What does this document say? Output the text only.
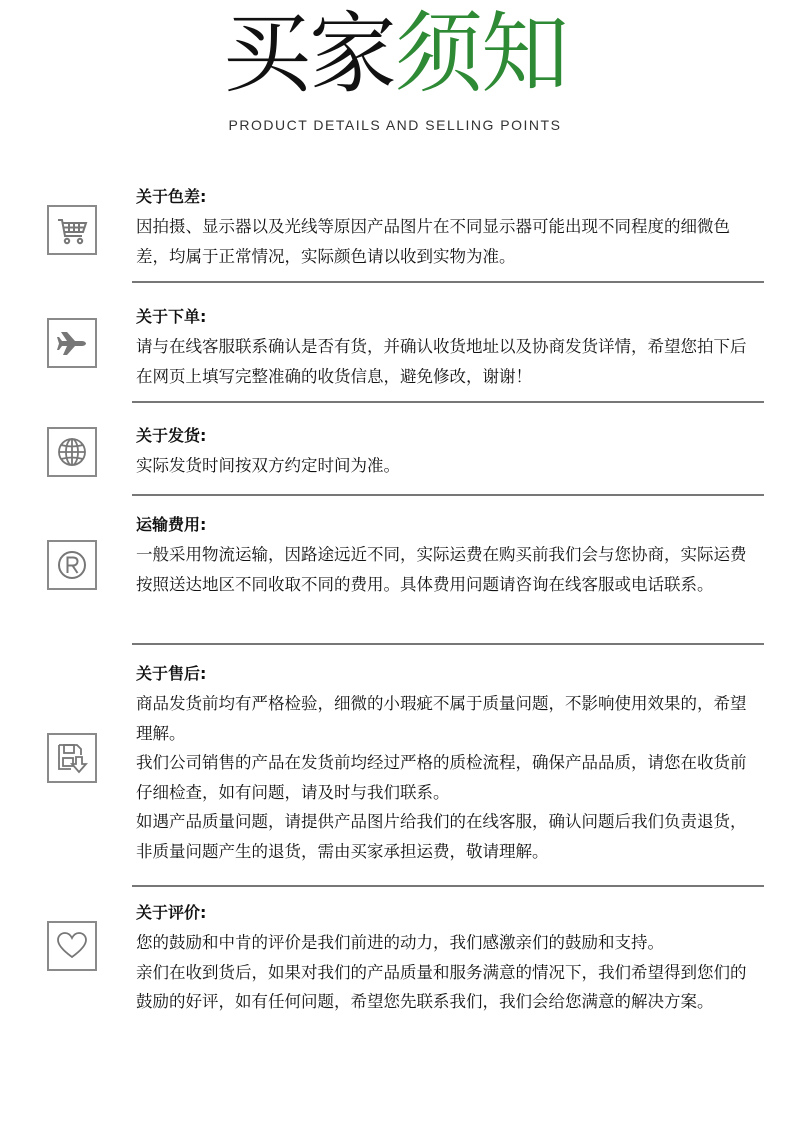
买家须知
PRODUCT DETAILS AND SELLING POINTS
关于色差:

因拍摄、显示器以及光线等原因产品图片在不同显示器可能出现不同程度的细微色差，均属于正常情况，实际颜色请以收到实物为准。

关于下单:

请与在线客服联系确认是否有货，并确认收货地址以及协商发货详情，希望您拍下后在网页上填写完整准确的收货信息，避免修改，谢谢！

关于发货:

实际发货时间按双方约定时间为准。

运输费用:

一般采用物流运输，因路途远近不同，实际运费在购买前我们会与您协商，实际运费按照送达地区不同收取不同的费用。具体费用问题请咨询在线客服或电话联系。

关于售后:

商品发货前均有严格检验，细微的小瑕疵不属于质量问题，不影响使用效果的，希望理解。

我们公司销售的产品在发货前均经过严格的质检流程，确保产品品质，请您在收货前仔细检查，如有问题，请及时与我们联系。

如遇产品质量问题，请提供产品图片给我们的在线客服，确认问题后我们负责退货，非质量问题产生的退货，需由买家承担运费，敬请理解。

关于评价:

您的鼓励和中肯的评价是我们前进的动力，我们感激亲们的鼓励和支持。

亲们在收到货后，如果对我们的产品质量和服务满意的情况下，我们希望得到您们的鼓励的好评，如有任何问题，希望您先联系我们，我们会给您满意的解决方案。
